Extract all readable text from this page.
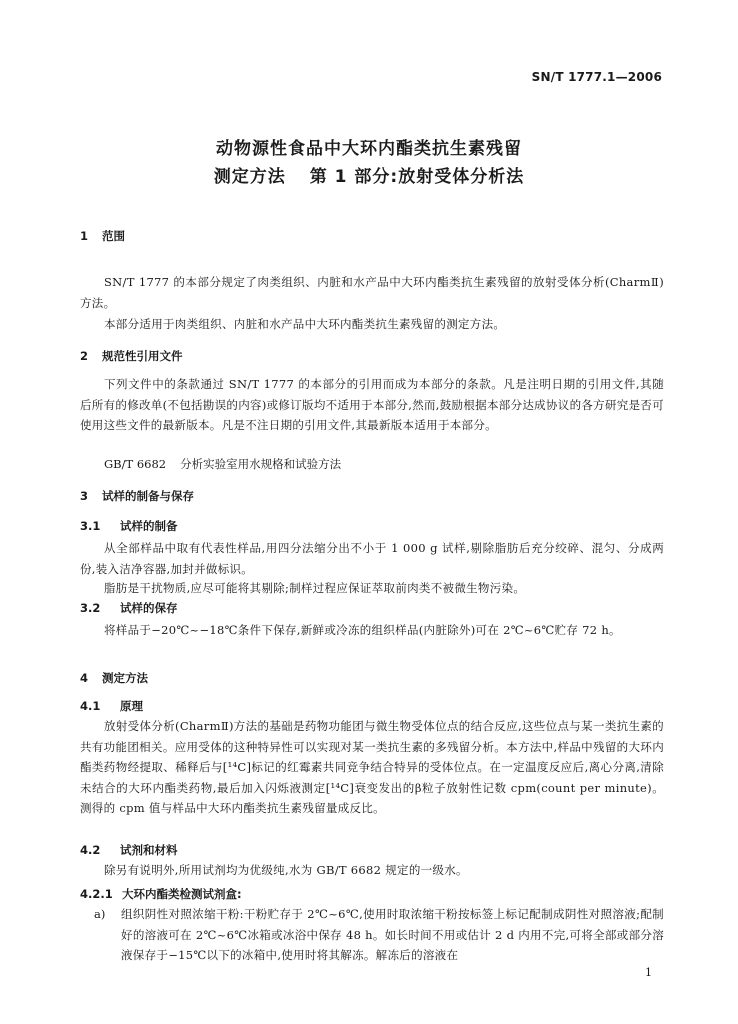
SN/T 1777.1—2006
动物源性食品中大环内酯类抗生素残留
测定方法 第 1 部分:放射受体分析法
1 范围
SN/T 1777 的本部分规定了肉类组织、内脏和水产品中大环内酯类抗生素残留的放射受体分析(CharmⅡ)方法。
本部分适用于肉类组织、内脏和水产品中大环内酯类抗生素残留的测定方法。
2 规范性引用文件
下列文件中的条款通过 SN/T 1777 的本部分的引用而成为本部分的条款。凡是注明日期的引用文件,其随后所有的修改单(不包括勘误的内容)或修订版均不适用于本部分,然而,鼓励根据本部分达成协议的各方研究是否可使用这些文件的最新版本。凡是不注日期的引用文件,其最新版本适用于本部分。
GB/T 6682 分析实验室用水规格和试验方法
3 试样的制备与保存
3.1 试样的制备
从全部样品中取有代表性样品,用四分法缩分出不小于 1 000 g 试样,剔除脂肪后充分绞碎、混匀、分成两份,装入洁净容器,加封并做标识。
脂肪是干扰物质,应尽可能将其剔除;制样过程应保证萃取前肉类不被微生物污染。
3.2 试样的保存
将样品于−20℃~−18℃条件下保存,新鲜或冷冻的组织样品(内脏除外)可在 2℃~6℃贮存 72 h。
4 测定方法
4.1 原理
放射受体分析(CharmⅡ)方法的基础是药物功能团与微生物受体位点的结合反应,这些位点与某一类抗生素的共有功能团相关。应用受体的这种特异性可以实现对某一类抗生素的多残留分析。本方法中,样品中残留的大环内酯类药物经提取、稀释后与[¹⁴C]标记的红霉素共同竞争结合特异的受体位点。在一定温度反应后,离心分离,清除未结合的大环内酯类药物,最后加入闪烁液测定[¹⁴C]衰变发出的β粒子放射性记数 cpm(count per minute)。测得的 cpm 值与样品中大环内酯类抗生素残留量成反比。
4.2 试剂和材料
除另有说明外,所用试剂均为优级纯,水为 GB/T 6682 规定的一级水。
4.2.1 大环内酯类检测试剂盒:
a) 组织阴性对照浓缩干粉:干粉贮存于 2℃~6℃,使用时取浓缩干粉按标签上标记配制成阴性对照溶液;配制好的溶液可在 2℃~6℃冰箱或冰浴中保存 48 h。如长时间不用或估计 2 d 内用不完,可将全部或部分溶液保存于−15℃以下的冰箱中,使用时将其解冻。解冻后的溶液在
1
